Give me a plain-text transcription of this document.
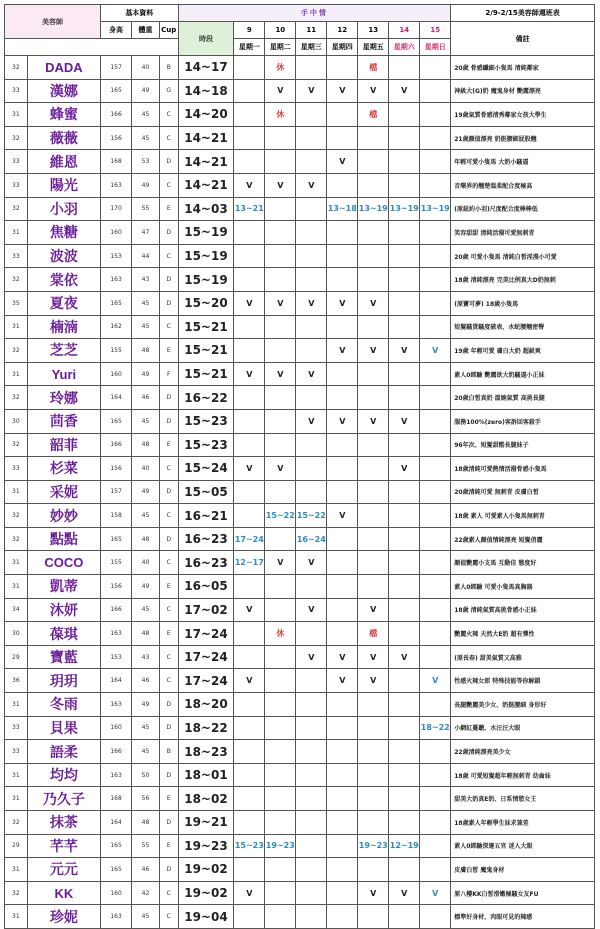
美容師		基本資料			手中情								2/9-2/15美容師週班表
		身高	體重	Cup	時段	9	10	11	12	13	14	15	備註
						星期一	星期二	星期三	星期四	星期五	星期六	星期日	
32	DADA	157	40	B	14~17		休			檔			20歲 骨感纖細小隻馬 清純鄰家
33	漢娜	165	49	G	14~18		V	V	V	V	V		神級大(G)奶 魔鬼身材 艷麗漂亮
31	蜂蜜	166	45	C	14~20		休			檔			19歲氣質骨感清秀鄰家女孩大學生
32	薇薇	156	45	C	14~21								21歲顏值漂亮 奶挺腰細屁股翹
33	維恩	168	53	D	14~21				V				年輕可愛小隻馬 大奶小騷逼
33	陽光	163	49	C	14~21	V	V	V					音樂界的翹楚溫柔配合度極高
32	小羽	170	55	E	14~03	13~21			13~18	13~19	13~19	13~19	(原紐約小羽)尺度配合度棒棒低
31	焦糖	160	47	D	15~19								笑容甜甜 清純活潑可愛無刺青
33	波波	153	44	C	15~19								20歲 可愛小隻馬 清純白皙淫漫小可愛
32	棠依	163	43	D	15~19								18歲 清純漂亮 完美比例真大D奶無刺
35	夏夜	165	45	D	15~20	V	V	V	V	V			(原寶可夢) 18歲小隻馬
31	楠湳	162	45	C	15~21								短髮騷貨騷度破表，水蛇腰翹密臀
32	芝芝	155	48	E	15~21				V	V	V	V	19歲 年輕可愛 膚白大奶 超級爽
31	Yuri	160	49	F	15~21	V	V	V					素人0經驗 艷麗欲大奶騷逼小正妹
32	玲娜	164	46	D	16~22								20歲白皙真奶 溫婉氣質 高挑長腿
30	茴香	165	45	D	15~23			V	V	V	V		服務100%(zero)客訴回客殺手
32	韶菲	166	48	E	15~23								96年次、短髮甜酷長腿妹子
33	杉菜	156	40	C	15~24	V	V				V		18歲清純可愛熱情活潑骨感小隻馬
31	采妮	157	49	D	15~05								20歲清純可愛 無刺青 皮膚白皙
32	妙妙	158	45	C	16~21		15~22	15~22	V				18歲 素人 可愛素人小隻馬無刺青
32	點點	165	48	D	16~23	17~24		16~24					22歲素人顏值情純漂亮 短髮俏麗
31	COCO	155	40	C	16~23	12~17	V	V					顏值艷麗小支馬 互動佳 態度好
31	凱蒂	156	49	E	16~05								素人0經驗 可愛小隻馬真胸器
34	沐妍	166	45	C	17~02	V		V		V			18歲 清純氣質高挑骨感小正妹
30	葆琪	163	48	E	17~24		休			檔			艷麗火辣 天然大E奶 超有彈性
29	寶藍	153	43	C	17~24			V	V	V	V		(原長春) 甜美氣質又高雅
36	玥玥	164	46	C	17~24	V			V	V		V	性感火辣女郎 特殊技能等你解鎖
31	冬雨	163	49	D	18~20								長腿艷麗美少女、奶挺腰細 身形好
33	貝果	160	45	D	18~22							18~22	小網紅蔓聽、水汪汪大眼
33	語柔	166	45	B	18~23								22歲清純漂亮美少女
31	均均	163	50	D	18~01								18歲 可愛短髮超年輕無刺青 幼齒妹
31	乃久子	168	56	E	18~02								甜美大奶真E奶、日系情慾女王
32	抹茶	164	48	D	19~21								18歲素人年輕學生妹求兼差
29	芊芊	165	55	E	19~23	15~23	19~23			19~23	12~19		素人0經驗深邃五官 迷人大眼
31	元元	165	46	D	19~02								皮膚白皙 魔鬼身材
32	KK	160	42	C	19~02	V				V	V	V	原八樓KK白皙滑嫩極騷女友FU
31	珍妮	163	45	C	19~04								標準好身材、肉眼可見的辣感
